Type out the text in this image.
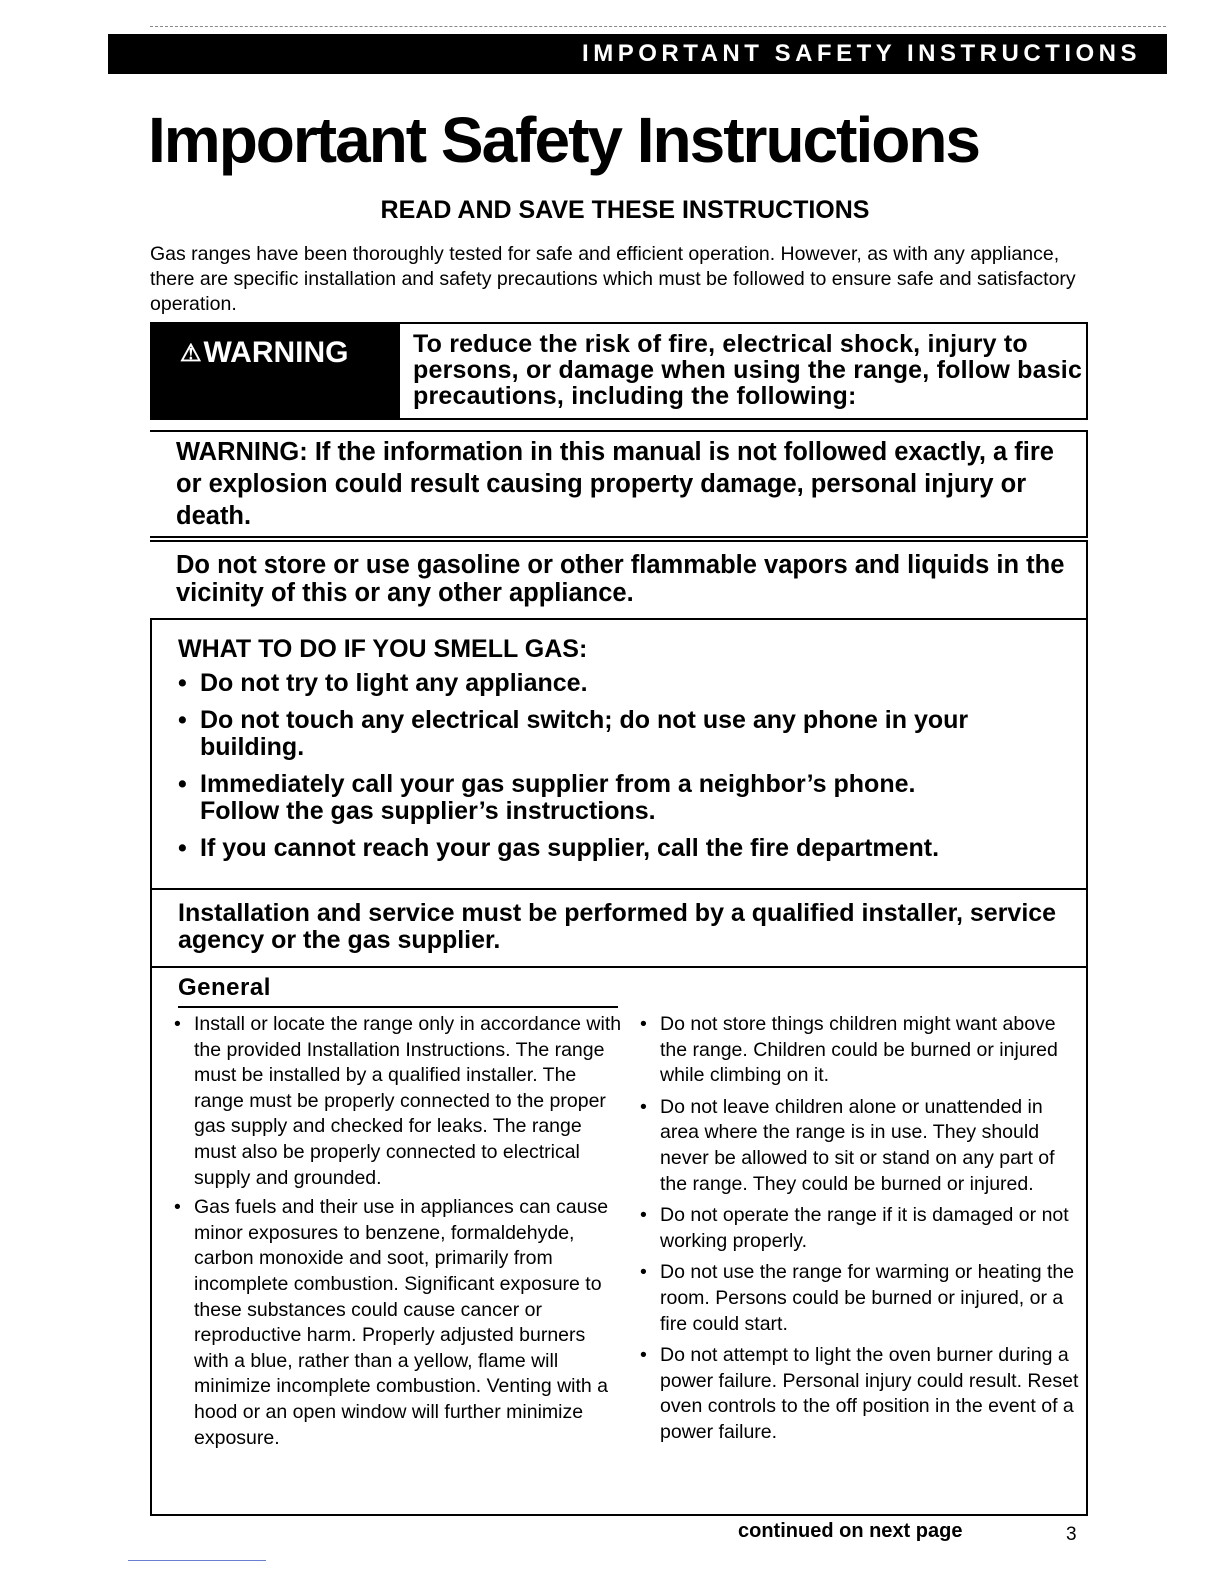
IMPORTANT SAFETY INSTRUCTIONS
Important Safety Instructions
READ AND SAVE THESE INSTRUCTIONS
Gas ranges have been thoroughly tested for safe and efficient operation. However, as with any appliance, there are specific installation and safety precautions which must be followed to ensure safe and satisfactory operation.
⚠ WARNING	To reduce the risk of fire, electrical shock, injury to persons, or damage when using the range, follow basic precautions, including the following:
WARNING: If the information in this manual is not followed exactly, a fire or explosion could result causing property damage, personal injury or death.
Do not store or use gasoline or other flammable vapors and liquids in the vicinity of this or any other appliance.
WHAT TO DO IF YOU SMELL GAS:
• Do not try to light any appliance.
• Do not touch any electrical switch; do not use any phone in your building.
• Immediately call your gas supplier from a neighbor’s phone. Follow the gas supplier’s instructions.
• If you cannot reach your gas supplier, call the fire department.
Installation and service must be performed by a qualified installer, service agency or the gas supplier.
General
• Install or locate the range only in accordance with the provided Installation Instructions. The range must be installed by a qualified installer. The range must be properly connected to the proper gas supply and checked for leaks. The range must also be properly connected to electrical supply and grounded.
• Gas fuels and their use in appliances can cause minor exposures to benzene, formaldehyde, carbon monoxide and soot, primarily from incomplete combustion. Significant exposure to these substances could cause cancer or reproductive harm. Properly adjusted burners with a blue, rather than a yellow, flame will minimize incomplete combustion. Venting with a hood or an open window will further minimize exposure.
• Do not store things children might want above the range. Children could be burned or injured while climbing on it.
• Do not leave children alone or unattended in area where the range is in use. They should never be allowed to sit or stand on any part of the range. They could be burned or injured.
• Do not operate the range if it is damaged or not working properly.
• Do not use the range for warming or heating the room. Persons could be burned or injured, or a fire could start.
• Do not attempt to light the oven burner during a power failure. Personal injury could result. Reset oven controls to the off position in the event of a power failure.
continued on next page	3
